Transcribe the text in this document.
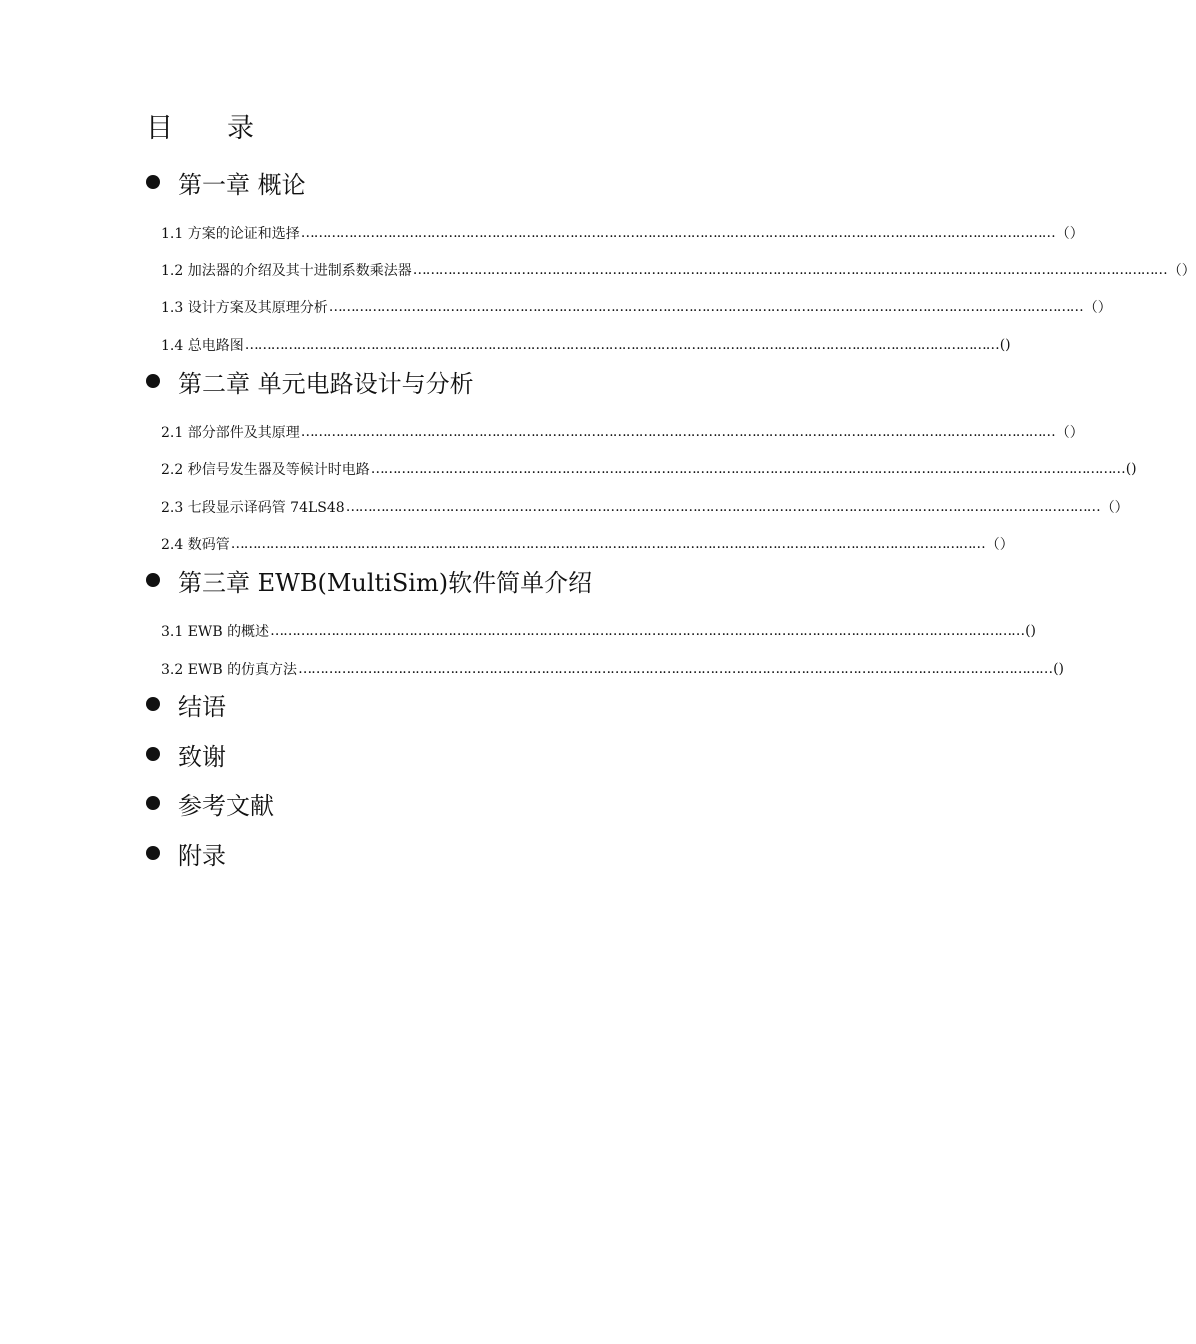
目　　录
第一章 概论
1.1 方案的论证和选择 ………………………………………………………………………………………………………………………………………………………… （）
1.2 加法器的介绍及其十进制系数乘法器 ………………………………………………………………………………………………………………………………………………………… （）
1.3 设计方案及其原理分析 ………………………………………………………………………………………………………………………………………………………… （）
1.4 总电路图 ………………………………………………………………………………………………………………………………………………………… ()
第二章 单元电路设计与分析
2.1 部分部件及其原理 ………………………………………………………………………………………………………………………………………………………… （）
2.2 秒信号发生器及等候计时电路 ………………………………………………………………………………………………………………………………………………………… ()
2.3 七段显示译码管 74LS48 ………………………………………………………………………………………………………………………………………………………… （）
2.4 数码管 ………………………………………………………………………………………………………………………………………………………… （）
第三章 EWB(MultiSim)软件简单介绍
3.1 EWB 的概述 ………………………………………………………………………………………………………………………………………………………… ()
3.2 EWB 的仿真方法 ………………………………………………………………………………………………………………………………………………………… ()
结语
致谢
参考文献
附录
